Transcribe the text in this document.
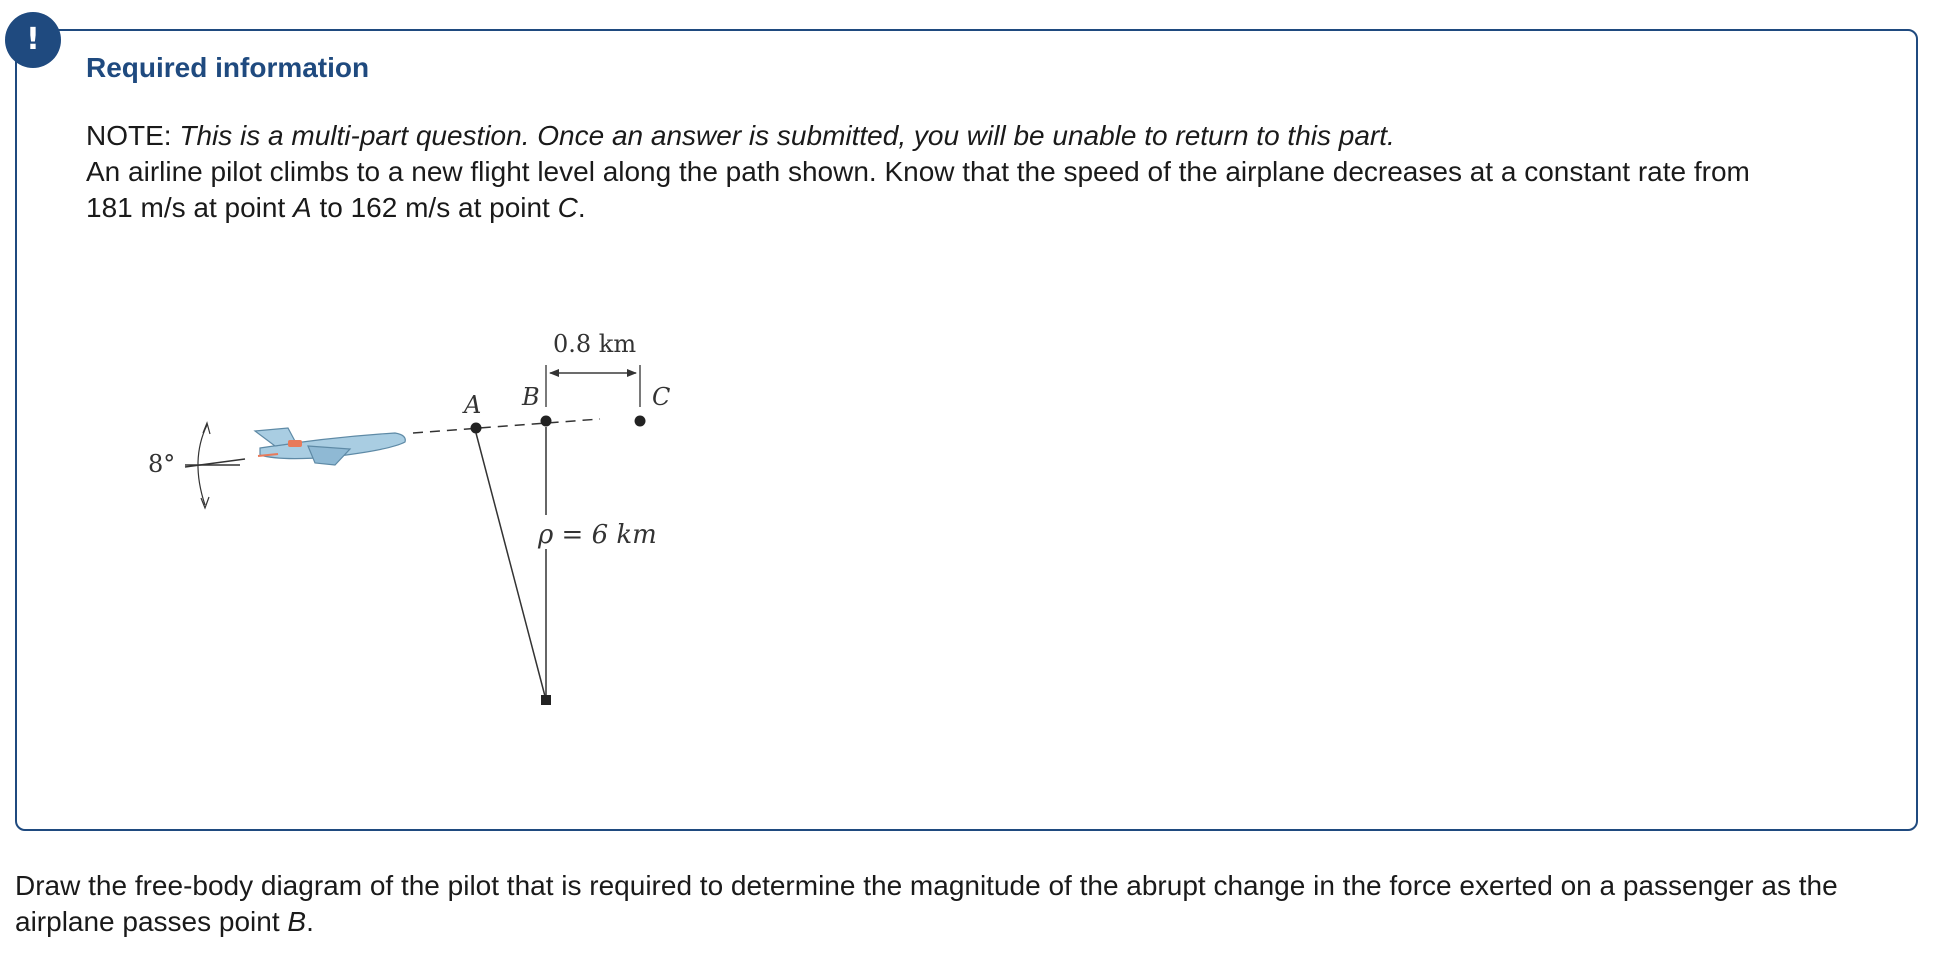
!
Required information

NOTE: This is a multi-part question. Once an answer is submitted, you will be unable to return to this part.

An airline pilot climbs to a new flight level along the path shown. Know that the speed of the airplane decreases at a constant rate from 181 m/s at point A to 162 m/s at point C.

8°
A B	C
0.8 km
ρ = 6 km

Draw the free-body diagram of the pilot that is required to determine the magnitude of the abrupt change in the force exerted on a passenger as the airplane passes point B.
